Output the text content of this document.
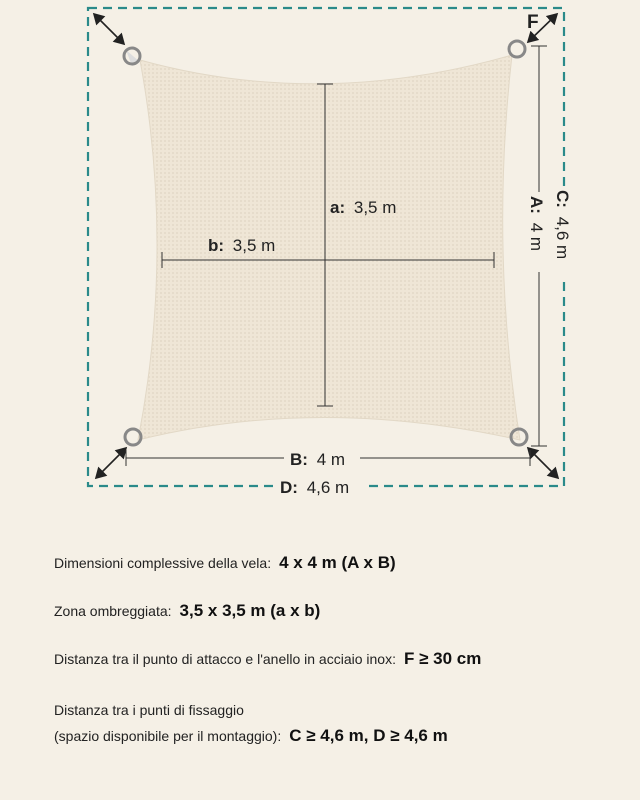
F
a: 3,5 m
b: 3,5 m
A: 4 m
C: 4,6 m
B: 4 m
D: 4,6 m
Dimensioni complessive della vela: 4 x 4 m (A x B)
Zona ombreggiata: 3,5 x 3,5 m (a x b)
Distanza tra il punto di attacco e l'anello in acciaio inox: F ≥ 30 cm
Distanza tra i punti di fissaggio
(spazio disponibile per il montaggio): C ≥ 4,6 m, D ≥ 4,6 m
